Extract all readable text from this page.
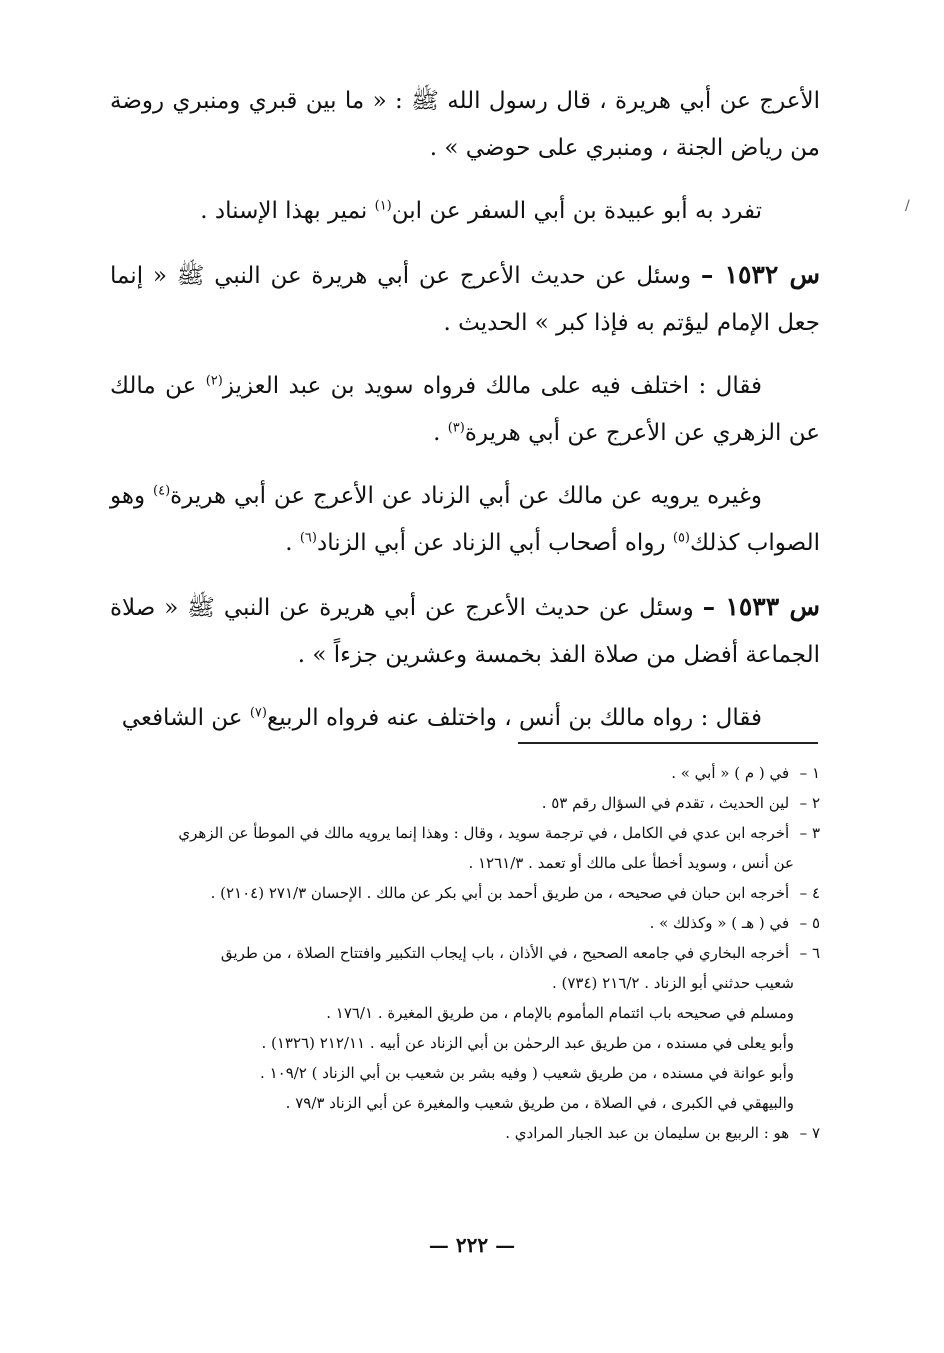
/

الأعرج عن أبي هريرة ، قال رسول الله ﷺ : « ما بين قبري ومنبري روضة من رياض الجنة ، ومنبري على حوضي » .

تفرد به أبو عبيدة بن أبي السفر عن ابن$^{(١)}$ نمير بهذا الإسناد .

س ١٥٣٢ – وسئل عن حديث الأعرج عن أبي هريرة عن النبي ﷺ « إنما جعل الإمام ليؤتم به فإذا كبر » الحديث .

فقال : اختلف فيه على مالك فرواه سويد بن عبد العزيز$^{(٢)}$ عن مالك عن الزهري عن الأعرج عن أبي هريرة$^{(٣)}$ .

وغيره يرويه عن مالك عن أبي الزناد عن الأعرج عن أبي هريرة$^{(٤)}$ وهو الصواب كذلك$^{(٥)}$ رواه أصحاب أبي الزناد عن أبي الزناد$^{(٦)}$ .

س ١٥٣٣ – وسئل عن حديث الأعرج عن أبي هريرة عن النبي ﷺ « صلاة الجماعة أفضل من صلاة الفذ بخمسة وعشرين جزءاً » .

فقال : رواه مالك بن أنس ، واختلف عنه فرواه الربيع$^{(٧)}$ عن الشافعي

١ – في ( م ) « أبي » .

٢ – لين الحديث ، تقدم في السؤال رقم ٥٣ .

٣ – أخرجه ابن عدي في الكامل ، في ترجمة سويد ، وقال : وهذا إنما يرويه مالك في الموطأ عن الزهري

عن أنس ، وسويد أخطأ على مالك أو تعمد . ١٢٦١/٣ .

٤ – أخرجه ابن حبان في صحيحه ، من طريق أحمد بن أبي بكر عن مالك . الإحسان ٢٧١/٣ (٢١٠٤) .

٥ – في ( هـ ) « وكذلك » .

٦ – أخرجه البخاري في جامعه الصحيح ، في الأذان ، باب إيجاب التكبير وافتتاح الصلاة ، من طريق

شعيب حدثني أبو الزناد . ٢١٦/٢ (٧٣٤) .

ومسلم في صحيحه باب ائتمام المأموم بالإمام ، من طريق المغيرة . ١٧٦/١ .

وأبو يعلى في مسنده ، من طريق عبد الرحمٰن بن أبي الزناد عن أبيه . ٢١٢/١١ (١٣٢٦) .

وأبو عوانة في مسنده ، من طريق شعيب ( وفيه بشر بن شعيب بن أبي الزناد ) ١٠٩/٢ .

والبيهقي في الكبرى ، في الصلاة ، من طريق شعيب والمغيرة عن أبي الزناد ٧٩/٣ .

٧ – هو : الربيع بن سليمان بن عبد الجبار المرادي .

— ٢٢٢ —
